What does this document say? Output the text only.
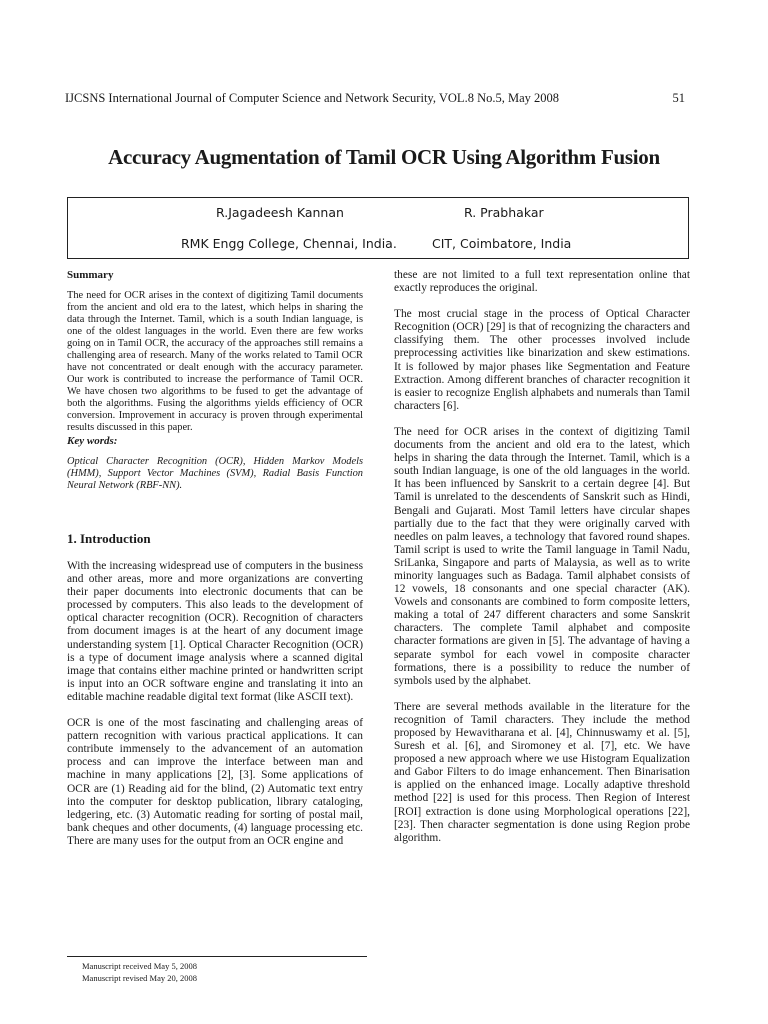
IJCSNS International Journal of Computer Science and Network Security, VOL.8 No.5, May 2008	51
Accuracy Augmentation of Tamil OCR Using Algorithm Fusion
R.Jagadeesh Kannan	R. Prabhakar
RMK Engg College, Chennai, India.	CIT, Coimbatore, India

Summary

The need for OCR arises in the context of digitizing Tamil documents from the ancient and old era to the latest, which helps in sharing the data through the Internet. Tamil, which is a south Indian language, is one of the oldest languages in the world. Even there are few works going on in Tamil OCR, the accuracy of the approaches still remains a challenging area of research. Many of the works related to Tamil OCR have not concentrated or dealt enough with the accuracy parameter. Our work is contributed to increase the performance of Tamil OCR. We have chosen two algorithms to be fused to get the advantage of both the algorithms. Fusing the algorithms yields efficiency of OCR conversion. Improvement in accuracy is proven through experimental results discussed in this paper.

Key words:

Optical Character Recognition (OCR), Hidden Markov Models (HMM), Support Vector Machines (SVM), Radial Basis Function Neural Network (RBF-NN).

1. Introduction

With the increasing widespread use of computers in the business and other areas, more and more organizations are converting their paper documents into electronic documents that can be processed by computers. This also leads to the development of optical character recognition (OCR). Recognition of characters from document images is at the heart of any document image understanding system [1]. Optical Character Recognition (OCR) is a type of document image analysis where a scanned digital image that contains either machine printed or handwritten script is input into an OCR software engine and translating it into an editable machine readable digital text format (like ASCII text).

OCR is one of the most fascinating and challenging areas of pattern recognition with various practical applications. It can contribute immensely to the advancement of an automation process and can improve the interface between man and machine in many applications [2], [3]. Some applications of OCR are (1) Reading aid for the blind, (2) Automatic text entry into the computer for desktop publication, library cataloging, ledgering, etc. (3) Automatic reading for sorting of postal mail, bank cheques and other documents, (4) language processing etc. There are many uses for the output from an OCR engine and

these are not limited to a full text representation online that exactly reproduces the original.

The most crucial stage in the process of Optical Character Recognition (OCR) [29] is that of recognizing the characters and classifying them. The other processes involved include preprocessing activities like binarization and skew estimations. It is followed by major phases like Segmentation and Feature Extraction. Among different branches of character recognition it is easier to recognize English alphabets and numerals than Tamil characters [6].

The need for OCR arises in the context of digitizing Tamil documents from the ancient and old era to the latest, which helps in sharing the data through the Internet. Tamil, which is a south Indian language, is one of the old languages in the world. It has been influenced by Sanskrit to a certain degree [4]. But Tamil is unrelated to the descendents of Sanskrit such as Hindi, Bengali and Gujarati. Most Tamil letters have circular shapes partially due to the fact that they were originally carved with needles on palm leaves, a technology that favored round shapes. Tamil script is used to write the Tamil language in Tamil Nadu, SriLanka, Singapore and parts of Malaysia, as well as to write minority languages such as Badaga. Tamil alphabet consists of 12 vowels, 18 consonants and one special character (AK). Vowels and consonants are combined to form composite letters, making a total of 247 different characters and some Sanskrit characters. The complete Tamil alphabet and composite character formations are given in [5]. The advantage of having a separate symbol for each vowel in composite character formations, there is a possibility to reduce the number of symbols used by the alphabet.

There are several methods available in the literature for the recognition of Tamil characters. They include the method proposed by Hewavitharana et al. [4], Chinnuswamy et al. [5], Suresh et al. [6], and Siromoney et al. [7], etc. We have proposed a new approach where we use Histogram Equalization and Gabor Filters to do image enhancement. Then Binarisation is applied on the enhanced image. Locally adaptive threshold method [22] is used for this process. Then Region of Interest [ROI] extraction is done using Morphological operations [22], [23]. Then character segmentation is done using Region probe algorithm.

Manuscript received May 5, 2008
Manuscript revised May 20, 2008
